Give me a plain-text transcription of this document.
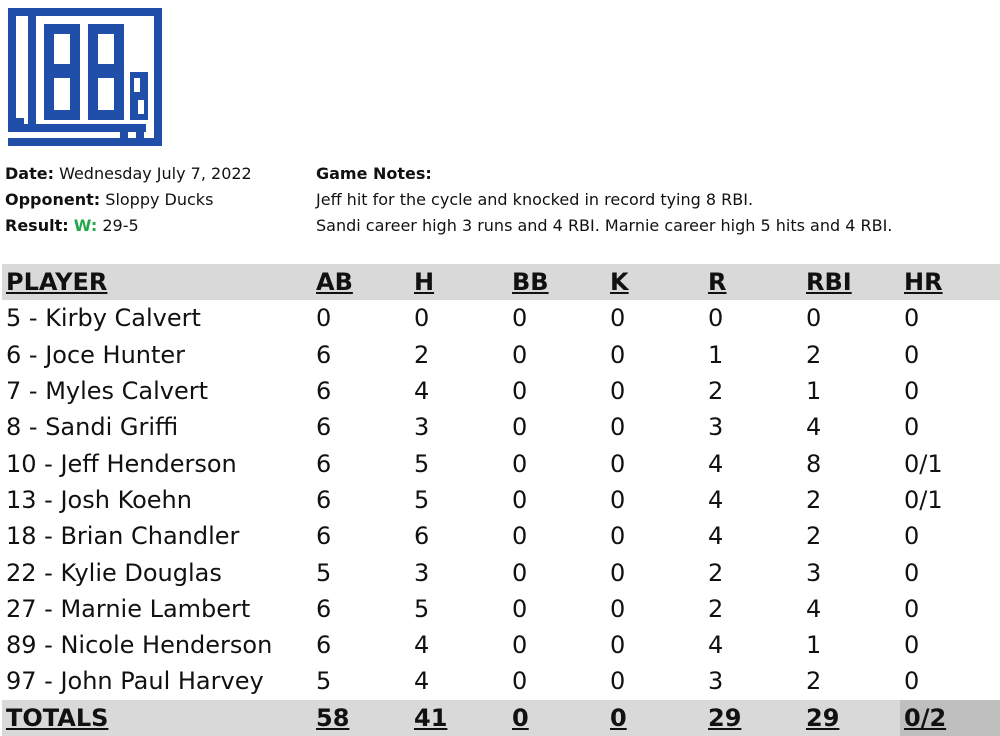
Date: Wednesday July 7, 2022
Opponent: Sloppy Ducks
Result: W: 29-5
Game Notes:
Jeff hit for the cycle and knocked in record tying 8 RBI.
Sandi career high 3 runs and 4 RBI. Marnie career high 5 hits and 4 RBI.
PLAYER	AB	H	BB	K	R	RBI	HR
5 - Kirby Calvert	0	0	0	0	0	0	0
6 - Joce Hunter	6	2	0	0	1	2	0
7 - Myles Calvert	6	4	0	0	2	1	0
8 - Sandi Griffi	6	3	0	0	3	4	0
10 - Jeff Henderson	6	5	0	0	4	8	0/1
13 - Josh Koehn	6	5	0	0	4	2	0/1
18 - Brian Chandler	6	6	0	0	4	2	0
22 - Kylie Douglas	5	3	0	0	2	3	0
27 - Marnie Lambert	6	5	0	0	2	4	0
89 - Nicole Henderson	6	4	0	0	4	1	0
97 - John Paul Harvey	5	4	0	0	3	2	0
TOTALS	58	41	0	0	29	29	0/2
